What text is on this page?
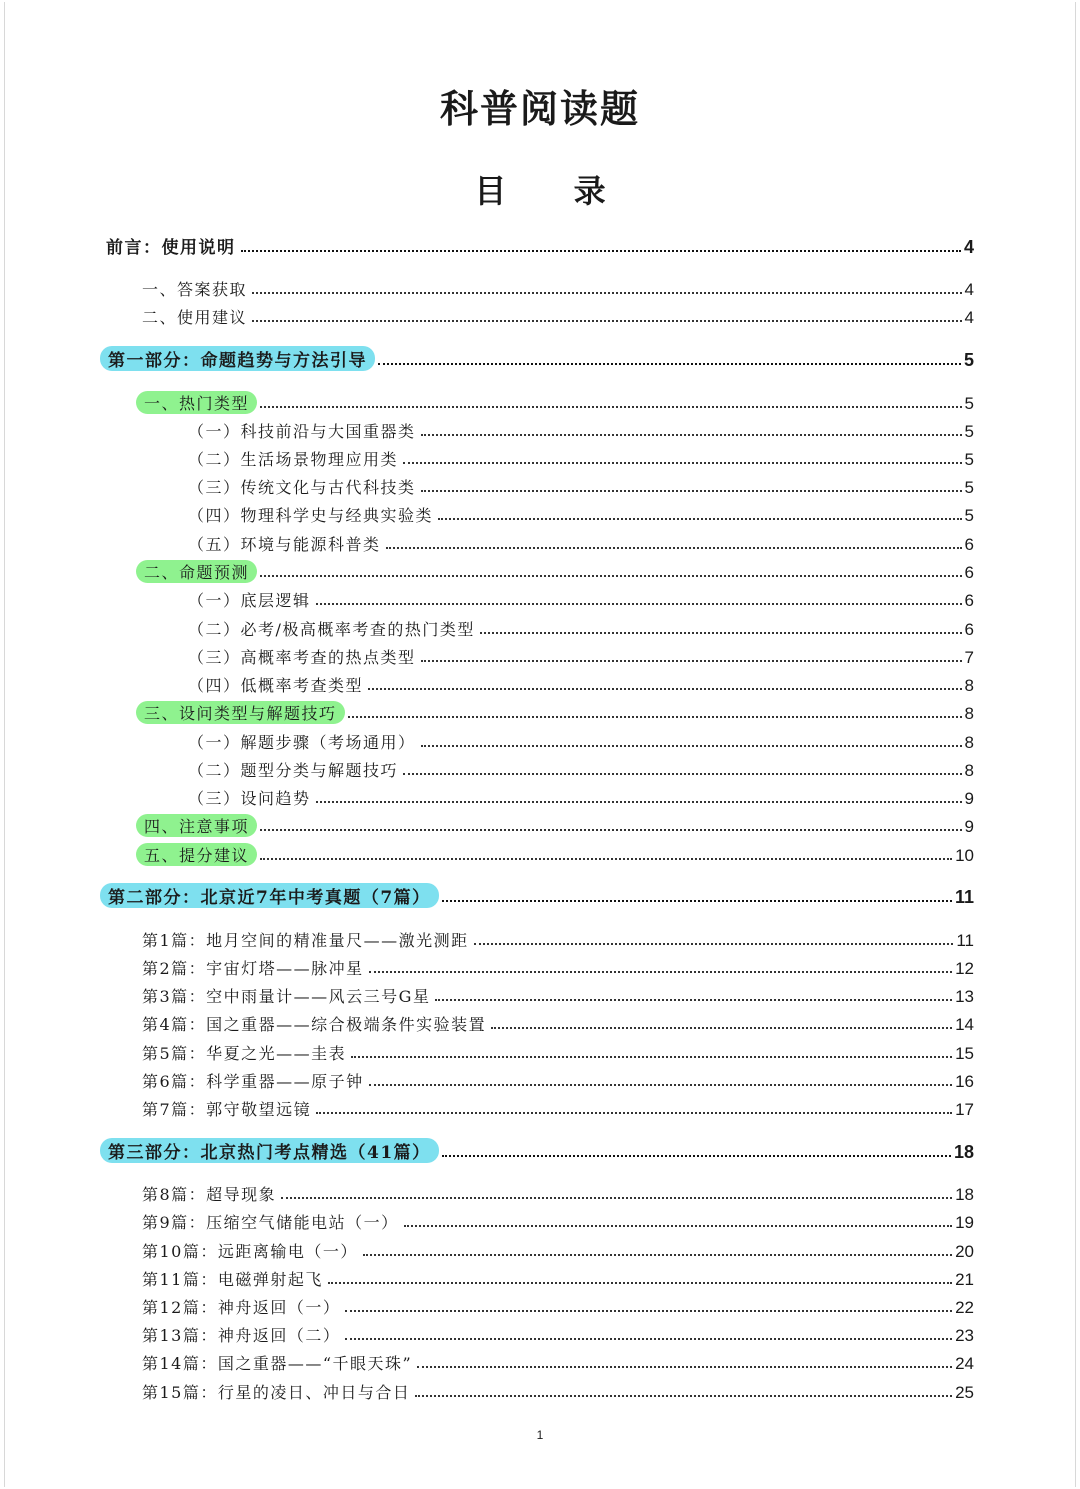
科普阅读题
目 录
前言：使用说明	4
一、答案获取	4
二、使用建议	4
第一部分：命题趋势与方法引导	5
一、热门类型	5
（一）科技前沿与大国重器类	5
（二）生活场景物理应用类	5
（三）传统文化与古代科技类	5
（四）物理科学史与经典实验类	5
（五）环境与能源科普类	6
二、命题预测	6
（一）底层逻辑	6
（二）必考/极高概率考查的热门类型	6
（三）高概率考查的热点类型	7
（四）低概率考查类型	8
三、设问类型与解题技巧	8
（一）解题步骤（考场通用）	8
（二）题型分类与解题技巧	8
（三）设问趋势	9
四、注意事项	9
五、提分建议	10
第二部分：北京近7年中考真题（7篇）	11
第1篇：地月空间的精准量尺——激光测距	11
第2篇：宇宙灯塔——脉冲星	12
第3篇：空中雨量计——风云三号G星	13
第4篇：国之重器——综合极端条件实验装置	14
第5篇：华夏之光——圭表	15
第6篇：科学重器——原子钟	16
第7篇：郭守敬望远镜	17
第三部分：北京热门考点精选（41篇）	18
第8篇：超导现象	18
第9篇：压缩空气储能电站（一）	19
第10篇：远距离输电（一）	20
第11篇：电磁弹射起飞	21
第12篇：神舟返回（一）	22
第13篇：神舟返回（二）	23
第14篇：国之重器——“千眼天珠”	24
第15篇：行星的凌日、冲日与合日	25
1
